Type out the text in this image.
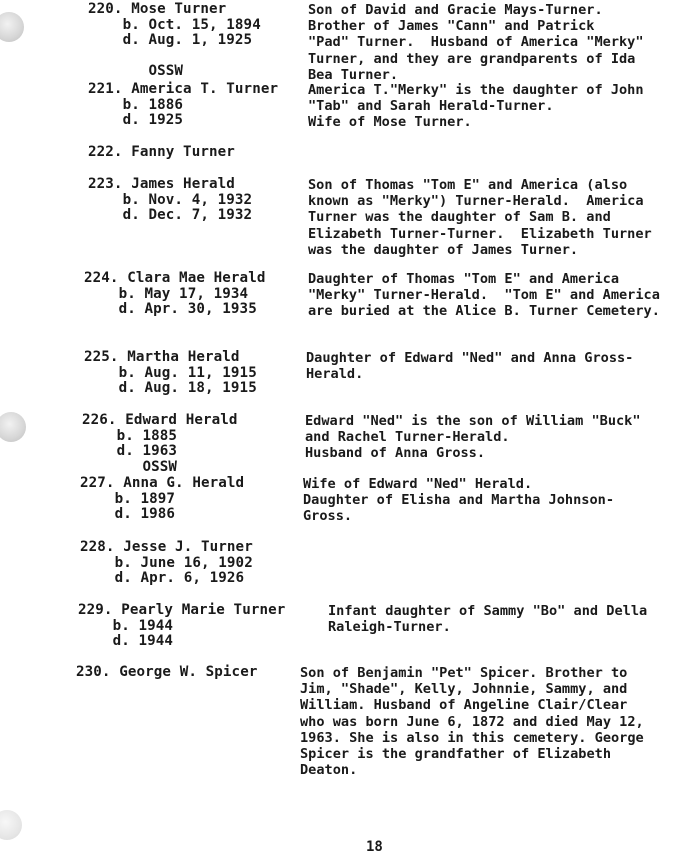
220. Mose Turner
b. Oct. 15, 1894
d. Aug. 1, 1925

OSSW
Son of David and Gracie Mays-Turner.
Brother of James "Cann" and Patrick
"Pad" Turner.  Husband of America "Merky"
Turner, and they are grandparents of Ida
Bea Turner.
221. America T. Turner
b. 1886
d. 1925
America T."Merky" is the daughter of John
"Tab" and Sarah Herald-Turner.
Wife of Mose Turner.
222. Fanny Turner
223. James Herald
b. Nov. 4, 1932
d. Dec. 7, 1932
Son of Thomas "Tom E" and America (also
known as "Merky") Turner-Herald.  America
Turner was the daughter of Sam B. and
Elizabeth Turner-Turner.  Elizabeth Turner
was the daughter of James Turner.
224. Clara Mae Herald
b. May 17, 1934
d. Apr. 30, 1935
Daughter of Thomas "Tom E" and America
"Merky" Turner-Herald.  "Tom E" and America
are buried at the Alice B. Turner Cemetery.
225. Martha Herald
b. Aug. 11, 1915
d. Aug. 18, 1915
Daughter of Edward "Ned" and Anna Gross-
Herald.
226. Edward Herald
b. 1885
d. 1963
OSSW
Edward "Ned" is the son of William "Buck"
and Rachel Turner-Herald.
Husband of Anna Gross.
227. Anna G. Herald
b. 1897
d. 1986
Wife of Edward "Ned" Herald.
Daughter of Elisha and Martha Johnson-
Gross.
228. Jesse J. Turner
b. June 16, 1902
d. Apr. 6, 1926
229. Pearly Marie Turner
b. 1944
d. 1944
Infant daughter of Sammy "Bo" and Della
Raleigh-Turner.
230. George W. Spicer	Son of Benjamin "Pet" Spicer. Brother to
Jim, "Shade", Kelly, Johnnie, Sammy, and
William. Husband of Angeline Clair/Clear
who was born June 6, 1872 and died May 12,
1963. She is also in this cemetery. George
Spicer is the grandfather of Elizabeth
Deaton.
18
